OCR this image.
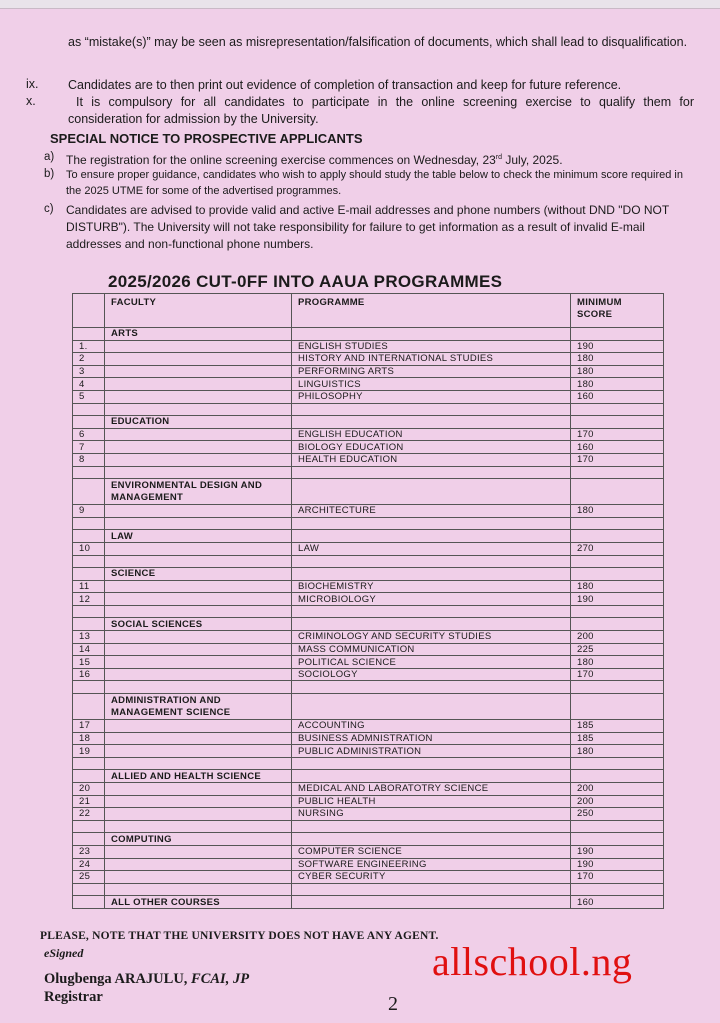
as “mistake(s)” may be seen as misrepresentation/falsification of documents, which shall lead to disqualification.
ix. Candidates are to then print out evidence of completion of transaction and keep for future reference.
x.	It is compulsory for all candidates to participate in the online screening exercise to qualify them for
consideration for admission by the University.
SPECIAL NOTICE TO PROSPECTIVE APPLICANTS
a) The registration for the online screening exercise commences on Wednesday, 23rd July, 2025.
b) To ensure proper guidance, candidates who wish to apply should study the table below to check the minimum score required in the 2025 UTME for some of the advertised programmes.
c) Candidates are advised to provide valid and active E-mail addresses and phone numbers (without DND "DO NOT DISTURB"). The University will not take responsibility for failure to get information as a result of invalid E-mail addresses and non-functional phone numbers.
2025/2026 CUT-0FF INTO AAUA PROGRAMMES
	FACULTY	PROGRAMME	MINIMUM SCORE
	ARTS		
1.		ENGLISH STUDIES	190
2		HISTORY AND INTERNATIONAL STUDIES	180
3		PERFORMING ARTS	180
4		LINGUISTICS	180
5		PHILOSOPHY	160

	EDUCATION		
6		ENGLISH EDUCATION	170
7		BIOLOGY EDUCATION	160
8		HEALTH EDUCATION	170

	ENVIRONMENTAL DESIGN AND MANAGEMENT		
9		ARCHITECTURE	180

	LAW		
10		LAW	270

	SCIENCE		
11		BIOCHEMISTRY	180
12		MICROBIOLOGY	190

	SOCIAL SCIENCES		
13		CRIMINOLOGY AND SECURITY STUDIES	200
14		MASS COMMUNICATION	225
15		POLITICAL SCIENCE	180
16		SOCIOLOGY	170

	ADMINISTRATION AND MANAGEMENT SCIENCE		
17		ACCOUNTING	185
18		BUSINESS ADMNISTRATION	185
19		PUBLIC ADMINISTRATION	180

	ALLIED AND HEALTH SCIENCE		
20		MEDICAL AND LABORATOTRY SCIENCE	200
21		PUBLIC HEALTH	200
22		NURSING	250

	COMPUTING		
23		COMPUTER SCIENCE	190
24		SOFTWARE ENGINEERING	190
25		CYBER SECURITY	170

	ALL OTHER COURSES		160
PLEASE, NOTE THAT THE UNIVERSITY DOES NOT HAVE ANY AGENT.
eSigned
Olugbenga ARAJULU, FCAI, JP
Registrar	2
allschool.ng
